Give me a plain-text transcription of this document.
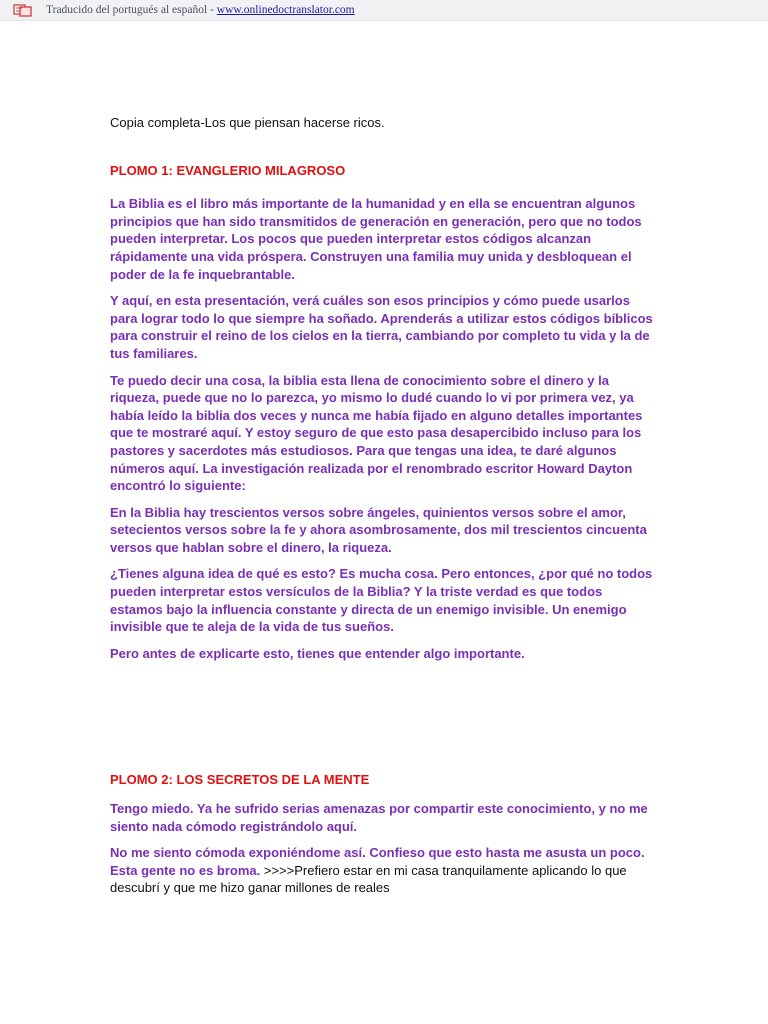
Traducido del portugués al español - www.onlinedoctranslator.com

Copia completa-Los que piensan hacerse ricos.

PLOMO 1: EVANGLERIO MILAGROSO

La Biblia es el libro más importante de la humanidad y en ella se encuentran algunos principios que han sido transmitidos de generación en generación, pero que no todos pueden interpretar. Los pocos que pueden interpretar estos códigos alcanzan rápidamente una vida próspera. Construyen una familia muy unida y desbloquean el poder de la fe inquebrantable.

Y aquí, en esta presentación, verá cuáles son esos principios y cómo puede usarlos para lograr todo lo que siempre ha soñado. Aprenderás a utilizar estos códigos bíblicos para construir el reino de los cielos en la tierra, cambiando por completo tu vida y la de tus familiares.

Te puedo decir una cosa, la biblia esta llena de conocimiento sobre el dinero y la riqueza, puede que no lo parezca, yo mismo lo dudé cuando lo vi por primera vez, ya había leído la biblia dos veces y nunca me había fijado en alguno detalles importantes que te mostraré aquí. Y estoy seguro de que esto pasa desapercibido incluso para los pastores y sacerdotes más estudiosos. Para que tengas una idea, te daré algunos números aquí. La investigación realizada por el renombrado escritor Howard Dayton encontró lo siguiente:

En la Biblia hay trescientos versos sobre ángeles, quinientos versos sobre el amor, setecientos versos sobre la fe y ahora asombrosamente, dos mil trescientos cincuenta versos que hablan sobre el dinero, la riqueza.

¿Tienes alguna idea de qué es esto? Es mucha cosa. Pero entonces, ¿por qué no todos pueden interpretar estos versículos de la Biblia? Y la triste verdad es que todos estamos bajo la influencia constante y directa de un enemigo invisible. Un enemigo invisible que te aleja de la vida de tus sueños.

Pero antes de explicarte esto, tienes que entender algo importante.

PLOMO 2: LOS SECRETOS DE LA MENTE

Tengo miedo. Ya he sufrido serias amenazas por compartir este conocimiento, y no me siento nada cómodo registrándolo aquí.

No me siento cómoda exponiéndome así. Confieso que esto hasta me asusta un poco. Esta gente no es broma. >>>>Prefiero estar en mi casa tranquilamente aplicando lo que descubrí y que me hizo ganar millones de reales
